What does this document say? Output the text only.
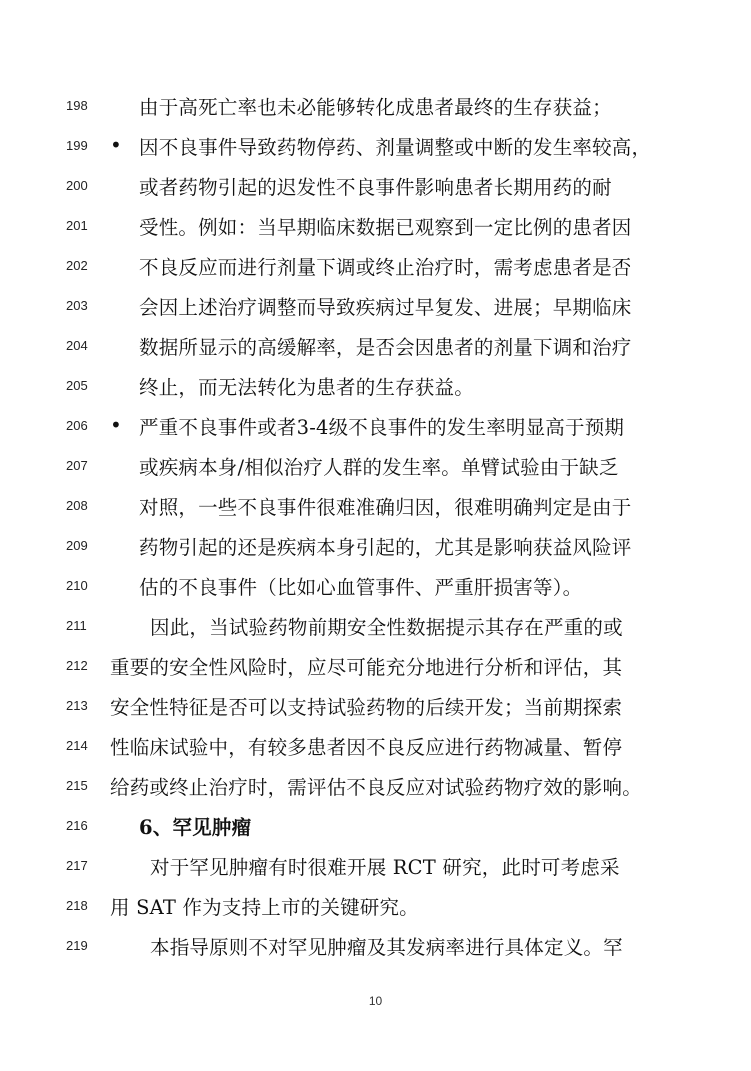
198	由于高死亡率也未必能够转化成患者最终的生存获益；
199 • 因不良事件导致药物停药、剂量调整或中断的发生率较高，
200	或者药物引起的迟发性不良事件影响患者长期用药的耐
201	受性。例如：当早期临床数据已观察到一定比例的患者因
202	不良反应而进行剂量下调或终止治疗时，需考虑患者是否
203	会因上述治疗调整而导致疾病过早复发、进展；早期临床
204	数据所显示的高缓解率，是否会因患者的剂量下调和治疗
205	终止，而无法转化为患者的生存获益。
206 • 严重不良事件或者3-4级不良事件的发生率明显高于预期
207	或疾病本身/相似治疗人群的发生率。单臂试验由于缺乏
208	对照，一些不良事件很难准确归因，很难明确判定是由于
209	药物引起的还是疾病本身引起的，尤其是影响获益风险评
210	估的不良事件（比如心血管事件、严重肝损害等）。
211	因此，当试验药物前期安全性数据提示其存在严重的或
212 重要的安全性风险时，应尽可能充分地进行分析和评估，其
213 安全性特征是否可以支持试验药物的后续开发；当前期探索
214 性临床试验中，有较多患者因不良反应进行药物减量、暂停
215 给药或终止治疗时，需评估不良反应对试验药物疗效的影响。
216	6、罕见肿瘤
217	对于罕见肿瘤有时很难开展 RCT 研究，此时可考虑采
218 用 SAT 作为支持上市的关键研究。
219	本指导原则不对罕见肿瘤及其发病率进行具体定义。罕
10
